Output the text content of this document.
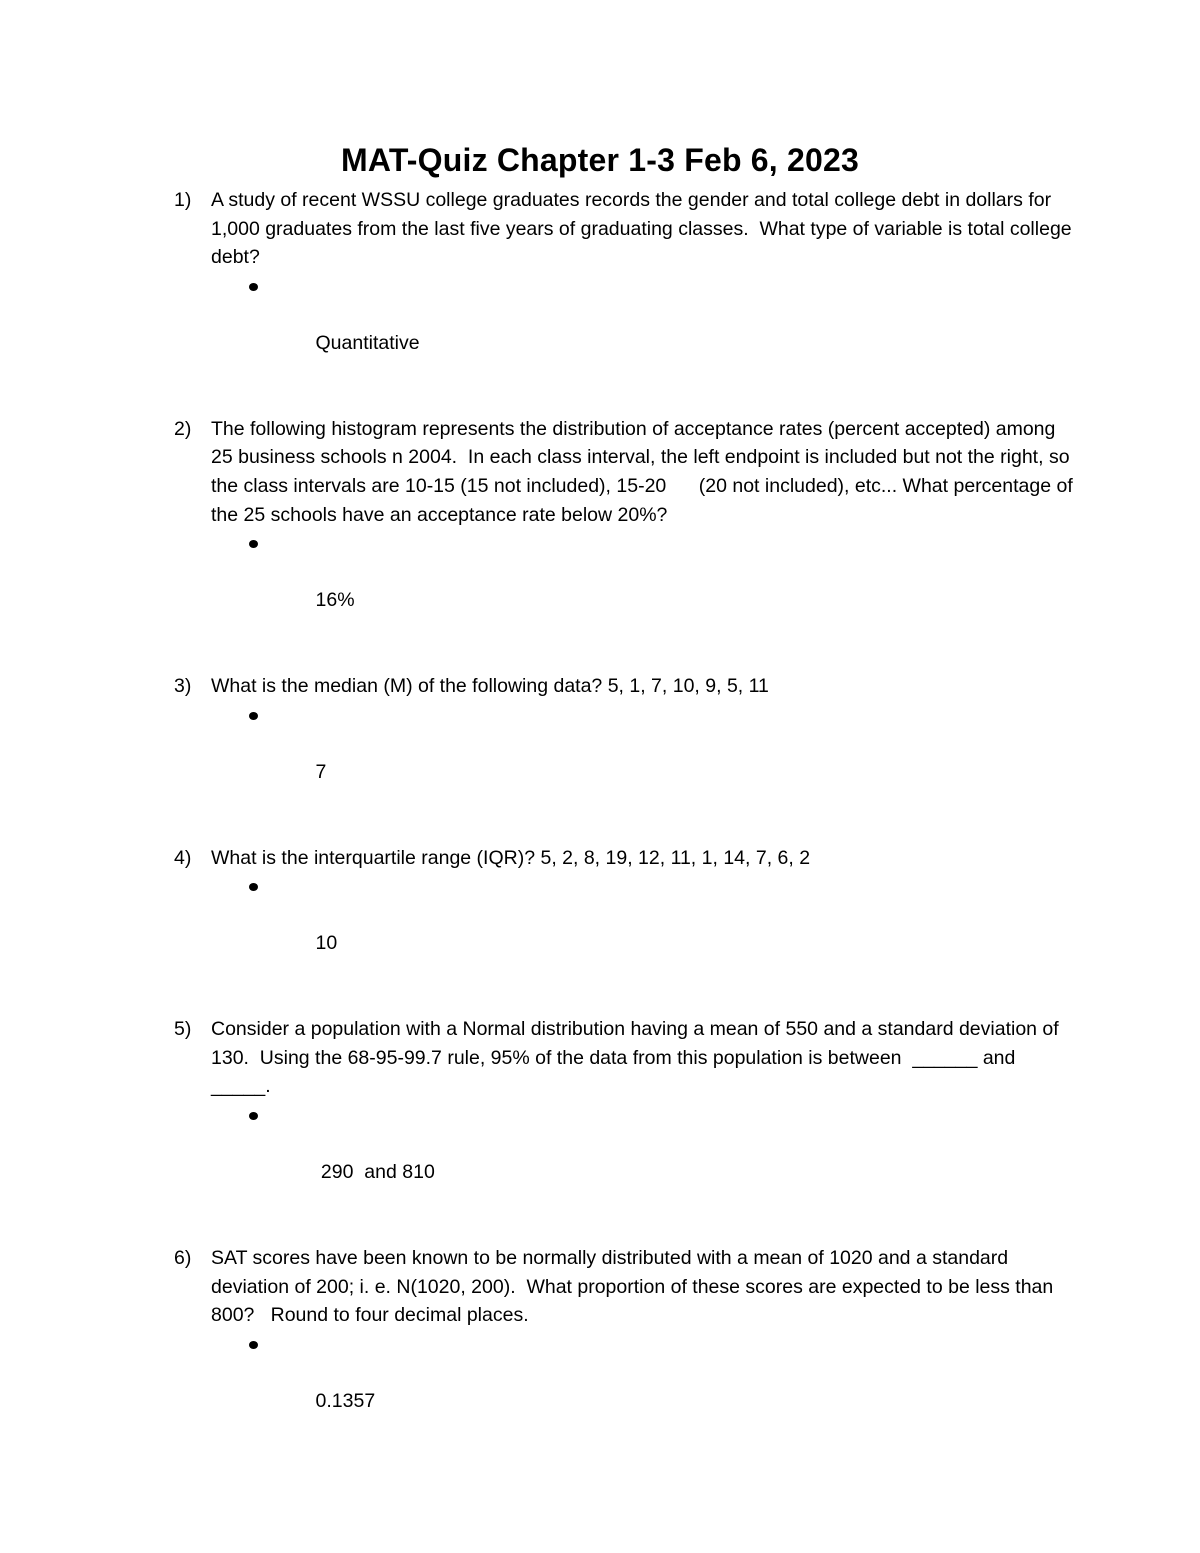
MAT-Quiz Chapter 1-3 Feb 6, 2023
1) A study of recent WSSU college graduates records the gender and total college debt in dollars for 1,000 graduates from the last five years of graduating classes.  What type of variable is total college debt?

Quantitative

2) The following histogram represents the distribution of acceptance rates (percent accepted) among 25 business schools n 2004.  In each class interval, the left endpoint is included but not the right, so the class intervals are 10-15 (15 not included), 15-20      (20 not included), etc... What percentage of the 25 schools have an acceptance rate below 20%?

16%

3) What is the median (M) of the following data? 5, 1, 7, 10, 9, 5, 11

7

4) What is the interquartile range (IQR)? 5, 2, 8, 19, 12, 11, 1, 14, 7, 6, 2

10

5) Consider a population with a Normal distribution having a mean of 550 and a standard deviation of 130.  Using the 68-95-99.7 rule, 95% of the data from this population is between  ______ and _____.

290  and 810

6) SAT scores have been known to be normally distributed with a mean of 1020 and a standard deviation of 200; i. e. N(1020, 200).  What proportion of these scores are expected to be less than 800?   Round to four decimal places.

0.1357
